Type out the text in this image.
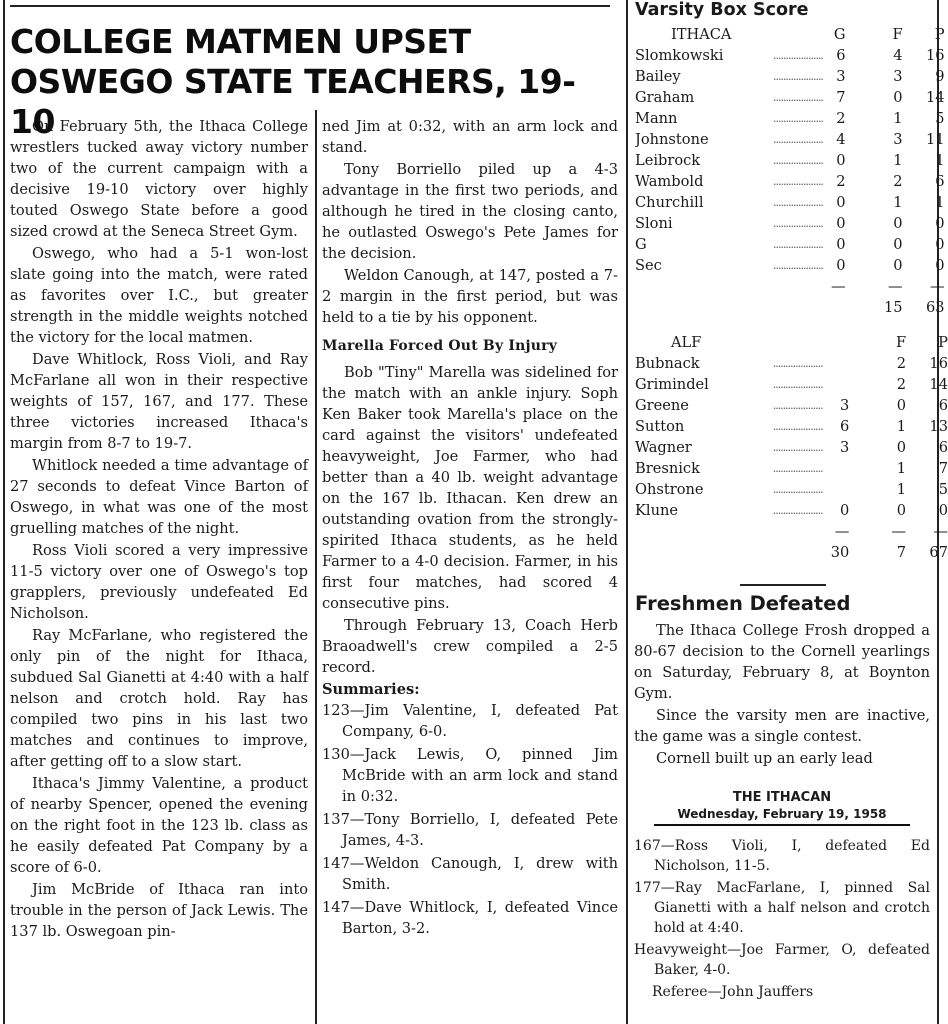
COLLEGE MATMEN UPSET
OSWEGO STATE TEACHERS, 19-10

On February 5th, the Ithaca College wrestlers tucked away victory number two of the current campaign with a decisive 19-10 victory over highly touted Oswego State before a good sized crowd at the Seneca Street Gym.

Oswego, who had a 5-1 won-lost slate going into the match, were rated as favorites over I.C., but greater strength in the middle weights notched the victory for the local matmen.

Dave Whitlock, Ross Violi, and Ray McFarlane all won in their respective weights of 157, 167, and 177. These three victories increased Ithaca's margin from 8-7 to 19-7.

Whitlock needed a time advantage of 27 seconds to defeat Vince Barton of Oswego, in what was one of the most gruelling matches of the night.

Ross Violi scored a very impressive 11-5 victory over one of Oswego's top grapplers, previously undefeated Ed Nicholson.

Ray McFarlane, who registered the only pin of the night for Ithaca, subdued Sal Gianetti at 4:40 with a half nelson and crotch hold. Ray has compiled two pins in his last two matches and continues to improve, after getting off to a slow start.

Ithaca's Jimmy Valentine, a product of nearby Spencer, opened the evening on the right foot in the 123 lb. class as he easily defeated Pat Company by a score of 6-0.

Jim McBride of Ithaca ran into trouble in the person of Jack Lewis. The 137 lb. Oswegoan pin-

ned Jim at 0:32, with an arm lock and stand.

Tony Borriello piled up a 4-3 advantage in the first two periods, and although he tired in the closing canto, he outlasted Oswego's Pete James for the decision.

Weldon Canough, at 147, posted a 7-2 margin in the first period, but was held to a tie by his opponent.

Marella Forced Out By Injury

Bob "Tiny" Marella was sidelined for the match with an ankle injury. Soph Ken Baker took Marella's place on the card against the visitors' undefeated heavyweight, Joe Farmer, who had better than a 40 lb. weight advantage on the 167 lb. Ithacan. Ken drew an outstanding ovation from the strongly-spirited Ithaca students, as he held Farmer to a 4-0 decision. Farmer, in his first four matches, had scored 4 consecutive pins.

Through February 13, Coach Herb Braoadwell's crew compiled a 2-5 record.

Summaries:
123—Jim Valentine, I, defeated Pat Company, 6-0.
130—Jack Lewis, O, pinned Jim McBride with an arm lock and stand in 0:32.
137—Tony Borriello, I, defeated Pete James, 4-3.
147—Weldon Canough, I, drew with Smith.
147—Dave Whitlock, I, defeated Vince Barton, 3-2.
Varsity Box Score
ITHACA		G	F	P
Slomkowski	....................	6	4	16
Bailey	....................	3	3	9
Graham	....................	7	0	14
Mann	....................	2	1	5
Johnstone	....................	4	3	11
Leibrock	....................	0	1	1
Wambold	....................	2	2	6
Churchill	....................	0	1	1
Sloni	....................	0	0	0
G	....................	0	0	0
Sec	....................	0	0	0
		—	—	—
			15	63
ALF			F	P
Bubnack	....................		2	16
Grimindel	....................		2	14
Greene	....................	3	0	6
Sutton	....................	6	1	13
Wagner	....................	3	0	6
Bresnick	....................		1	7
Ohstrone	....................		1	5
Klune	....................	0	0	0
		—	—	—
		30	7	67
Freshmen Defeated

The Ithaca College Frosh dropped a 80-67 decision to the Cornell yearlings on Saturday, February 8, at Boynton Gym.

Since the varsity men are inactive, the game was a single contest.

Cornell built up an early lead

THE ITHACAN
Wednesday, February 19, 1958
167—Ross Violi, I, defeated Ed Nicholson, 11-5.
177—Ray MacFarlane, I, pinned Sal Gianetti with a half nelson and crotch hold at 4:40.
Heavyweight—Joe Farmer, O, defeated Baker, 4-0.
Referee—John Jauffers
